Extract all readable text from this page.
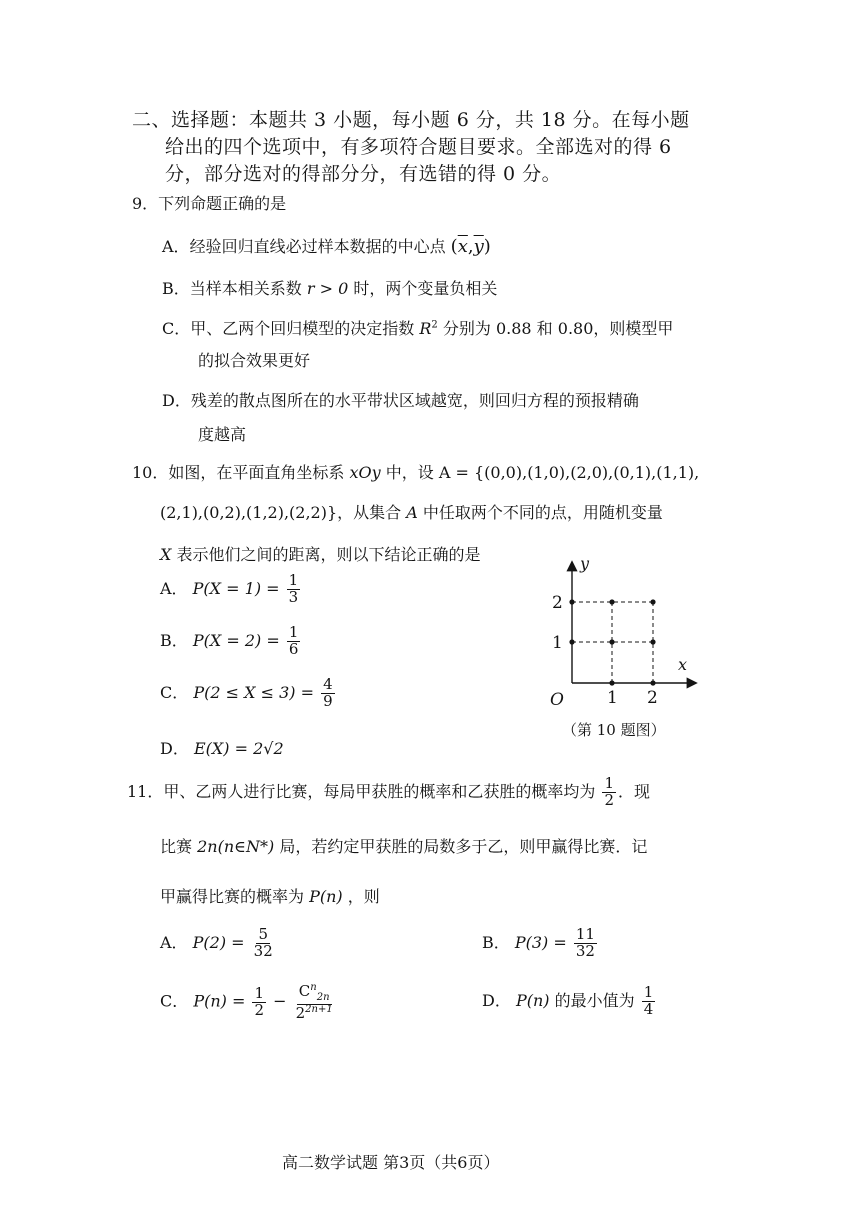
二、选择题：本题共 3 小题，每小题 6 分，共 18 分。在每小题
给出的四个选项中，有多项符合题目要求。全部选对的得 6
分，部分选对的得部分分，有选错的得 0 分。
9．下列命题正确的是
A．经验回归直线必过样本数据的中心点 $(\overline{x},\overline{y})$
B．当样本相关系数 r > 0 时，两个变量负相关
C．甲、乙两个回归模型的决定指数 $R^2$ 分别为 0.88 和 0.80，则模型甲
的拟合效果更好
D．残差的散点图所在的水平带状区域越宽，则回归方程的预报精确
度越高
10．如图，在平面直角坐标系 xOy 中，设 A = {(0,0),(1,0),(2,0),(0,1),(1,1),
(2,1),(0,2),(1,2),(2,2)}，从集合 A 中任取两个不同的点，用随机变量
X 表示他们之间的距离，则以下结论正确的是
A． $P(X = 1) = \frac{1}{3}$
B． $P(X = 2) = \frac{1}{6}$
C． $P(2 \le X \le 3) = \frac{4}{9}$
D． E(X) = 2√2
y
x
O	1 2
1
2
（第 10 题图）
11．甲、乙两人进行比赛，每局甲获胜的概率和乙获胜的概率均为 $\frac{1}{2}$ ．现
比赛 2n(n∈N*) 局，若约定甲获胜的局数多于乙，则甲赢得比赛．记
甲赢得比赛的概率为 P(n) ，则
A． $P(2) = \frac{5}{32}$	B． $P(3) = \frac{11}{32}$
C． $P(n) = \frac{1}{2} - \frac{C^n_{2n}}{2^{2n+1}}$	D． P(n) 的最小值为 $\frac{1}{4}$
高二数学试题 第3页（共6页）
